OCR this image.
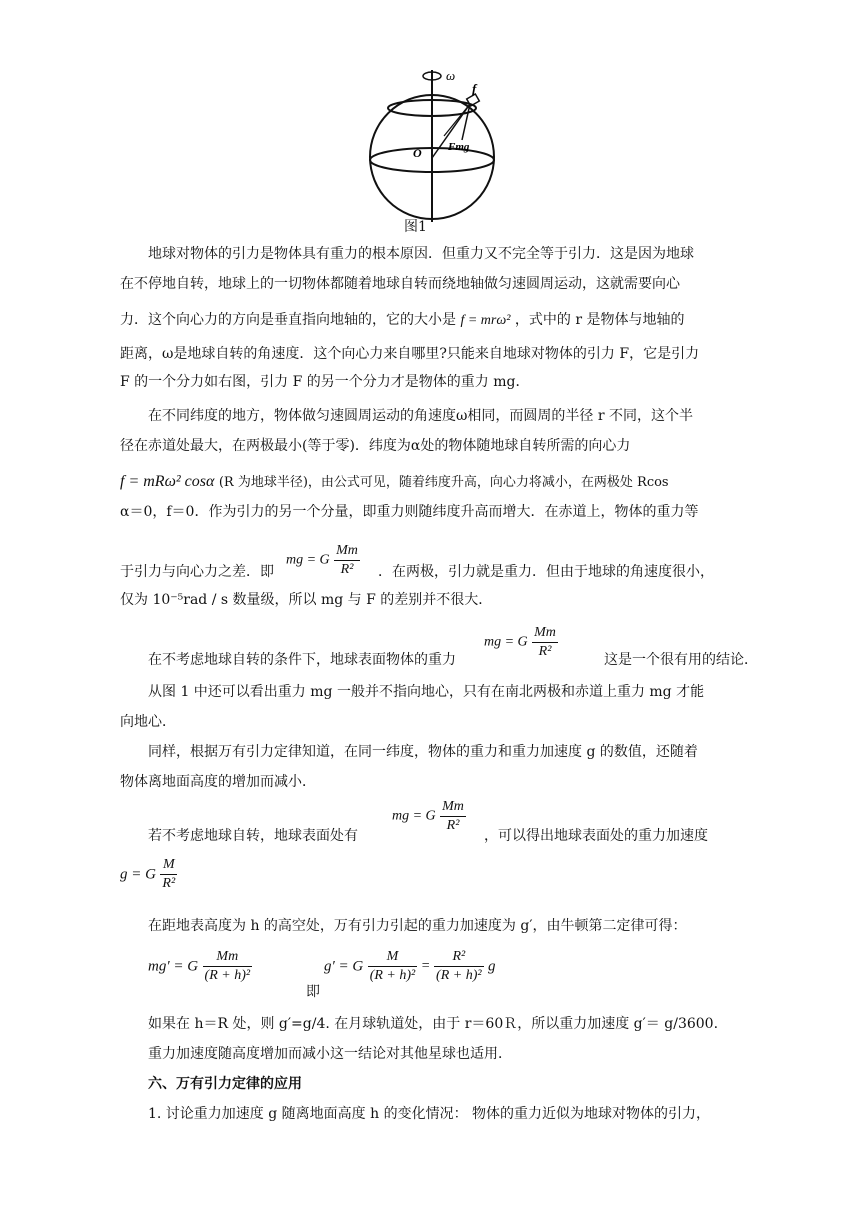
ω
f
O Fmg
图1
地球对物体的引力是物体具有重力的根本原因．但重力又不完全等于引力．这是因为地球
在不停地自转，地球上的一切物体都随着地球自转而绕地轴做匀速圆周运动，这就需要向心
力．这个向心力的方向是垂直指向地轴的，它的大小是 f = mrω² ，式中的 r 是物体与地轴的
距离，ω是地球自转的角速度．这个向心力来自哪里?只能来自地球对物体的引力 F，它是引力
F 的一个分力如右图，引力 F 的另一个分力才是物体的重力 mg．
在不同纬度的地方，物体做匀速圆周运动的角速度ω相同，而圆周的半径 r 不同，这个半
径在赤道处最大，在两极最小(等于零)．纬度为α处的物体随地球自转所需的向心力
f = mRω² cosα (R 为地球半径)，由公式可见，随着纬度升高，向心力将减小，在两极处 Rcos
α＝0，f＝0．作为引力的另一个分量，即重力则随纬度升高而增大．在赤道上，物体的重力等
于引力与向心力之差．即
mg = G $\frac{Mm}{\text{R²}}$ ．在两极，引力就是重力．但由于地球的角速度很小，
仅为 10⁻⁵rad / s 数量级，所以 mg 与 F 的差别并不很大．
在不考虑地球自转的条件下，地球表面物体的重力
mg = G $\frac{Mm}{\text{R²}}$	这是一个很有用的结论．
从图 1 中还可以看出重力 mg 一般并不指向地心，只有在南北两极和赤道上重力 mg 才能
向地心．
同样，根据万有引力定律知道，在同一纬度，物体的重力和重力加速度 g 的数值，还随着
物体离地面高度的增加而减小．
若不考虑地球自转，地球表面处有
mg = G $\frac{Mm}{\text{R²}}$
，可以得出地球表面处的重力加速度
g = G $\frac{M}{\text{R²}}$
在距地表高度为 h 的高空处，万有引力引起的重力加速度为 g′，由牛顿第二定律可得：
mg′ = G $\frac{Mm}{\text{(R + h)²}}$
即
g′ = G $\frac{M}{\text{(R + h)²}} = \frac{\text{R²}}{\text{(R + h)²}}$ g
如果在 h＝R 处，则 g′=g/4. 在月球轨道处，由于 r＝60Ｒ，所以重力加速度 g′＝ g/3600.
重力加速度随高度增加而减小这一结论对其他星球也适用．
六、万有引力定律的应用
1. 讨论重力加速度 g 随离地面高度 h 的变化情况： 物体的重力近似为地球对物体的引力，
